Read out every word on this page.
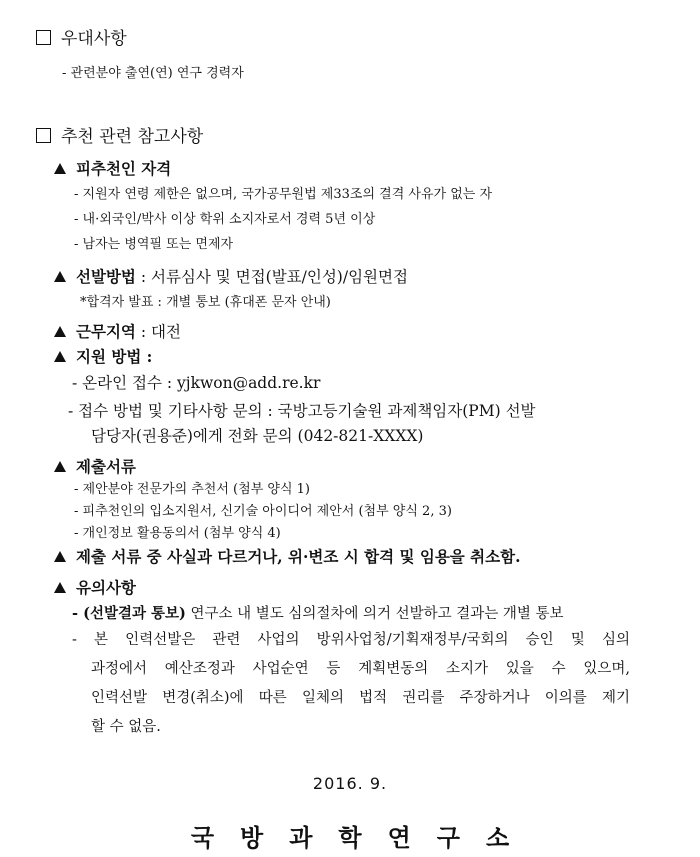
우대사항
- 관련분야 출연(연) 연구 경력자
추천 관련 참고사항
피추천인 자격
- 지원자 연령 제한은 없으며, 국가공무원법 제33조의 결격 사유가 없는 자
- 내·외국인/박사 이상 학위 소지자로서 경력 5년 이상
- 남자는 병역필 또는 면제자
선발방법 : 서류심사 및 면접(발표/인성)/임원면접
*합격자 발표 : 개별 통보 (휴대폰 문자 안내)
근무지역 : 대전
지원 방법 :
- 온라인 접수 : yjkwon@add.re.kr
- 접수 방법 및 기타사항 문의 : 국방고등기술원 과제책임자(PM) 선발
담당자(권용준)에게 전화 문의 (042-821-XXXX)
제출서류
- 제안분야 전문가의 추천서 (첨부 양식 1)
- 피추천인의 입소지원서, 신기술 아이디어 제안서 (첨부 양식 2, 3)
- 개인정보 활용동의서 (첨부 양식 4)
제출 서류 중 사실과 다르거나, 위·변조 시 합격 및 임용을 취소함.
유의사항
- (선발결과 통보) 연구소 내 별도 심의절차에 의거 선발하고 결과는 개별 통보
- 본 인력선발은 관련 사업의 방위사업청/기획재정부/국회의 승인 및 심의
과정에서 예산조정과 사업순연 등 계획변동의 소지가 있을 수 있으며,
인력선발 변경(취소)에 따른 일체의 법적 권리를 주장하거나 이의를 제기
할 수 없음.
2016. 9.
국방과학연구소
